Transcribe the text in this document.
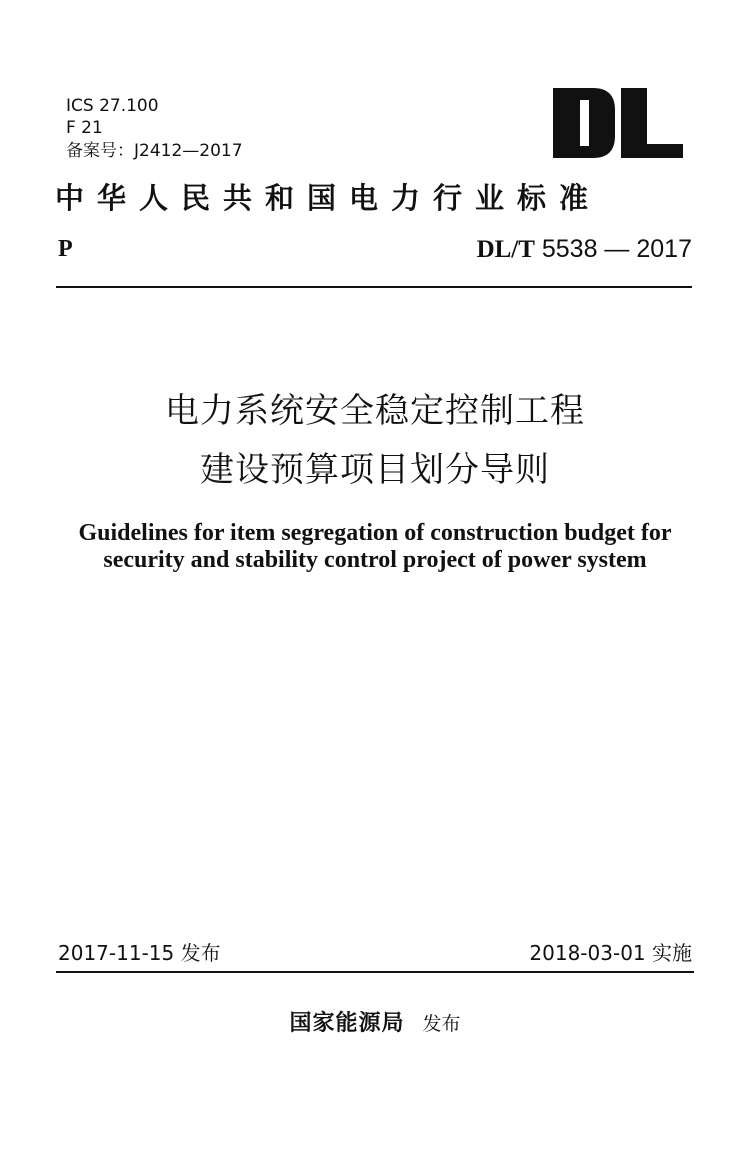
ICS 27.100
F 21
备案号：J2412—2017
中华人民共和国电力行业标准
P	DL/T 5538 — 2017
电力系统安全稳定控制工程
建设预算项目划分导则
Guidelines for item segregation of construction budget for
security and stability control project of power system
2017-11-15 发布	2018-03-01 实施
国家能源局 发布
